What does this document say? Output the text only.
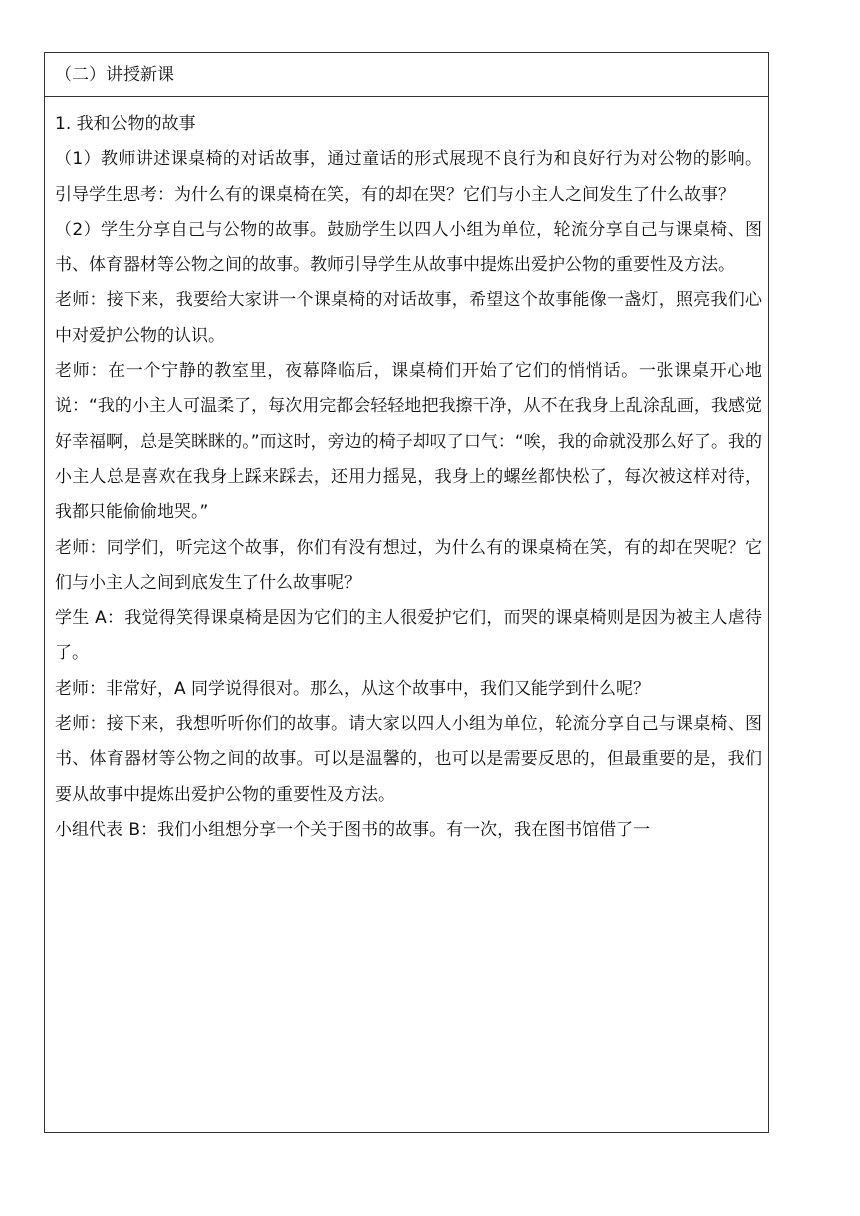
（二）讲授新课

1. 我和公物的故事

（1）教师讲述课桌椅的对话故事，通过童话的形式展现不良行为和良好行为对公物的影响。引导学生思考：为什么有的课桌椅在笑，有的却在哭？它们与小主人之间发生了什么故事？

（2）学生分享自己与公物的故事。鼓励学生以四人小组为单位，轮流分享自己与课桌椅、图书、体育器材等公物之间的故事。教师引导学生从故事中提炼出爱护公物的重要性及方法。

老师：接下来，我要给大家讲一个课桌椅的对话故事，希望这个故事能像一盏灯，照亮我们心中对爱护公物的认识。

老师：在一个宁静的教室里，夜幕降临后，课桌椅们开始了它们的悄悄话。一张课桌开心地说：“我的小主人可温柔了，每次用完都会轻轻地把我擦干净，从不在我身上乱涂乱画，我感觉好幸福啊，总是笑眯眯的。”而这时，旁边的椅子却叹了口气：“唉，我的命就没那么好了。我的小主人总是喜欢在我身上踩来踩去，还用力摇晃，我身上的螺丝都快松了，每次被这样对待，我都只能偷偷地哭。”

老师：同学们，听完这个故事，你们有没有想过，为什么有的课桌椅在笑，有的却在哭呢？它们与小主人之间到底发生了什么故事呢？

学生 A：我觉得笑得课桌椅是因为它们的主人很爱护它们，而哭的课桌椅则是因为被主人虐待了。

老师：非常好，A 同学说得很对。那么，从这个故事中，我们又能学到什么呢？

老师：接下来，我想听听你们的故事。请大家以四人小组为单位，轮流分享自己与课桌椅、图书、体育器材等公物之间的故事。可以是温馨的，也可以是需要反思的，但最重要的是，我们要从故事中提炼出爱护公物的重要性及方法。

小组代表 B：我们小组想分享一个关于图书的故事。有一次，我在图书馆借了一
